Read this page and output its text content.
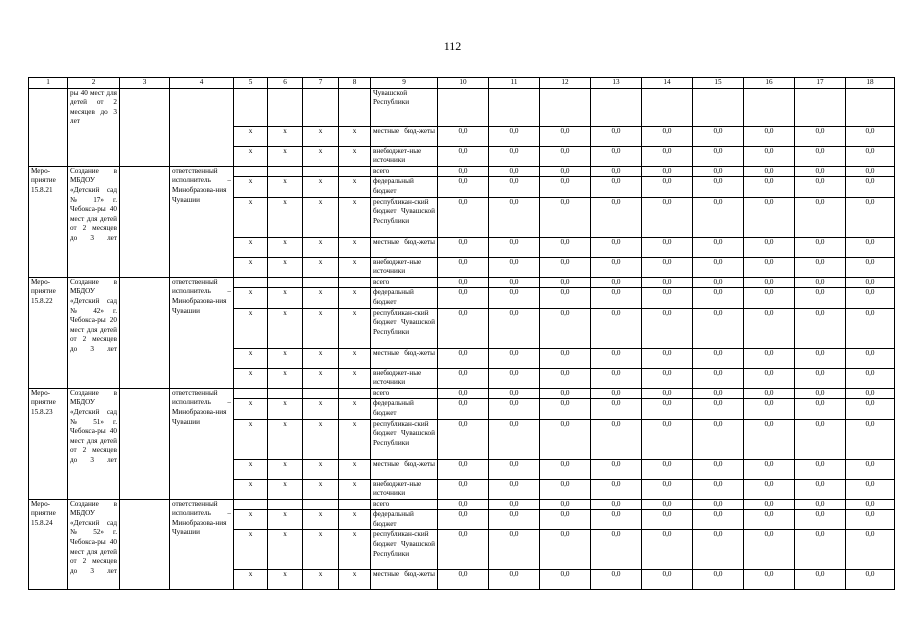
112
1	2	3	4	5	6	7	8	9	10	11	12	13	14	15	16	17	18
	ры 40 мест для детей от 2 месяцев до 3 лет							Чувашской Республики									
				x	x	x	x	местные бюд-жеты	0,0	0,0	0,0	0,0	0,0	0,0	0,0	0,0	0,0
				x	x	x	x	внебюджет-ные источники	0,0	0,0	0,0	0,0	0,0	0,0	0,0	0,0	0,0
Меро-приятие 15.8.21	Создание в МБДОУ «Детский сад № 17» г. Чебокса-ры 40 мест для детей от 2 месяцев до 3 лет		ответственный исполнитель – Минобразова-ния Чувашии					всего	0,0	0,0	0,0	0,0	0,0	0,0	0,0	0,0	0,0
				x	x	x	x	федеральный бюджет	0,0	0,0	0,0	0,0	0,0	0,0	0,0	0,0	0,0
				x	x	x	x	республикан-ский бюджет Чувашской Республики	0,0	0,0	0,0	0,0	0,0	0,0	0,0	0,0	0,0
				x	x	x	x	местные бюд-жеты	0,0	0,0	0,0	0,0	0,0	0,0	0,0	0,0	0,0
				x	x	x	x	внебюджет-ные источники	0,0	0,0	0,0	0,0	0,0	0,0	0,0	0,0	0,0
Меро-приятие 15.8.22	Создание в МБДОУ «Детский сад № 42» г. Чебокса-ры 20 мест для детей от 2 месяцев до 3 лет		ответственный исполнитель – Минобразова-ния Чувашии					всего	0,0	0,0	0,0	0,0	0,0	0,0	0,0	0,0	0,0
				x	x	x	x	федеральный бюджет	0,0	0,0	0,0	0,0	0,0	0,0	0,0	0,0	0,0
				x	x	x	x	республикан-ский бюджет Чувашской Республики	0,0	0,0	0,0	0,0	0,0	0,0	0,0	0,0	0,0
				x	x	x	x	местные бюд-жеты	0,0	0,0	0,0	0,0	0,0	0,0	0,0	0,0	0,0
				x	x	x	x	внебюджет-ные источники	0,0	0,0	0,0	0,0	0,0	0,0	0,0	0,0	0,0
Меро-приятие 15.8.23	Создание в МБДОУ «Детский сад № 51» г. Чебокса-ры 40 мест для детей от 2 месяцев до 3 лет		ответственный исполнитель – Минобразова-ния Чувашии					всего	0,0	0,0	0,0	0,0	0,0	0,0	0,0	0,0	0,0
				x	x	x	x	федеральный бюджет	0,0	0,0	0,0	0,0	0,0	0,0	0,0	0,0	0,0
				x	x	x	x	республикан-ский бюджет Чувашской Республики	0,0	0,0	0,0	0,0	0,0	0,0	0,0	0,0	0,0
				x	x	x	x	местные бюд-жеты	0,0	0,0	0,0	0,0	0,0	0,0	0,0	0,0	0,0
				x	x	x	x	внебюджет-ные источники	0,0	0,0	0,0	0,0	0,0	0,0	0,0	0,0	0,0
Меро-приятие 15.8.24	Создание в МБДОУ «Детский сад № 52» г. Чебокса-ры 40 мест для детей от 2 месяцев до 3 лет		ответственный исполнитель – Минобразова-ния Чувашии					всего	0,0	0,0	0,0	0,0	0,0	0,0	0,0	0,0	0,0
				x	x	x	x	федеральный бюджет	0,0	0,0	0,0	0,0	0,0	0,0	0,0	0,0	0,0
				x	x	x	x	республикан-ский бюджет Чувашской Республики	0,0	0,0	0,0	0,0	0,0	0,0	0,0	0,0	0,0
				x	x	x	x	местные бюд-жеты	0,0	0,0	0,0	0,0	0,0	0,0	0,0	0,0	0,0
